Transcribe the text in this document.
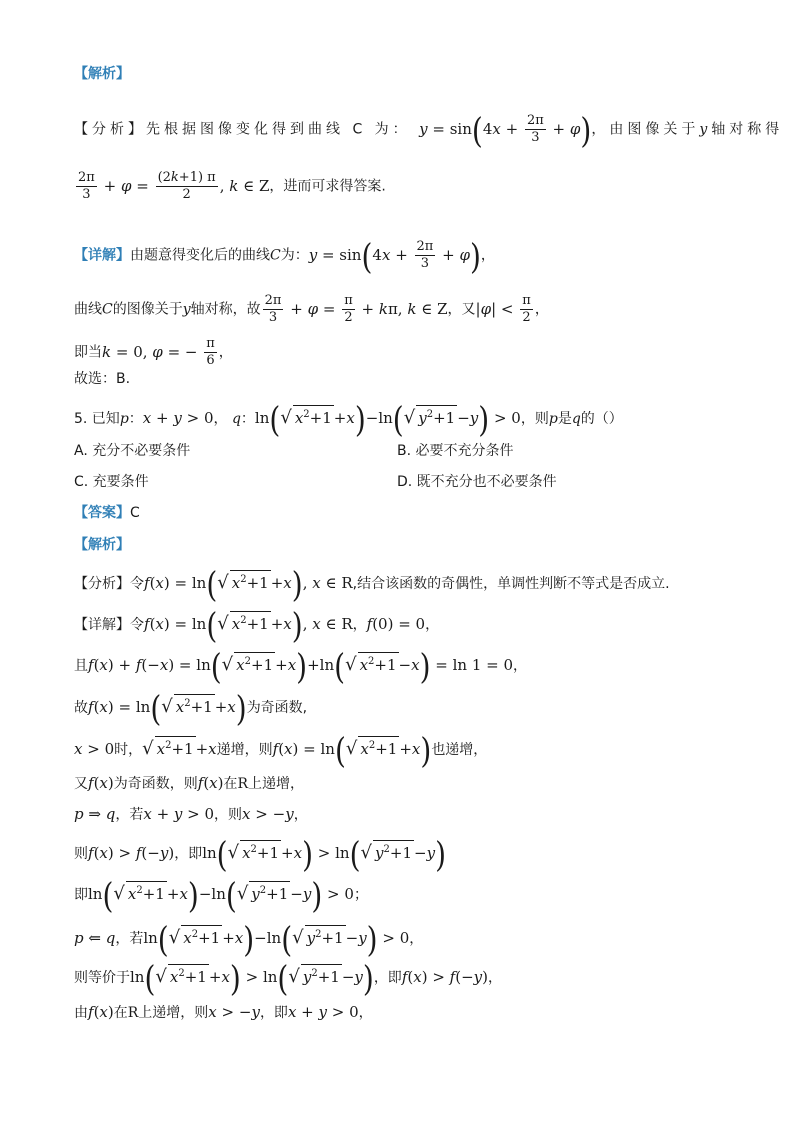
【解析】
【分析】先根据图像变化得到曲线 C 为： $y = \sin(4x + \frac{2\pi}{3} + \varphi)$，由图像关于y轴对称得
$\frac{2\pi}{3} + \varphi = \frac{(2k+1) \pi}{2}$ , k ∈ Z，进而可求得答案.
【详解】由题意得变化后的曲线C为：$y = \sin(4x + \frac{2\pi}{3} + \varphi)$，
曲线C的图像关于y轴对称，故 $\frac{2\pi}{3} + \varphi = \frac{\pi}{2} + k\pi$, k ∈ Z，又$|\varphi| < \frac{\pi}{2}$ ，
即当k = 0, φ = − $\frac{\pi}{6}$ ，
故选：B.
5. 已知p：x + y > 0， q：ln(√ $x^2+1 +x)-\ln(√$ $y^2+1 -y) > 0$，则p是q的（）
A. 充分不必要条件	B. 必要不充分条件
C. 充要条件	D. 既不充分也不必要条件
【答案】C
【解析】
【分析】令f(x) = ln(√ $x^2+1 +x$), x ∈ R,结合该函数的奇偶性，单调性判断不等式是否成立.
【详解】令f(x) = ln(√ $x^2+1 +x$), x ∈ R，f(0) = 0，
且f(x) + f(−x) = ln(√ $x^2+1 +x)+\ln(√$ $x^2+1 -x) = \ln 1 = 0$，
故f(x) = ln(√ $x^2+1 +x$)为奇函数,
x > 0时，√ $x^2+1 +x$递增，则f(x) = ln(√ $x^2+1 +x$)也递增，
又f(x)为奇函数，则f(x)在R上递增，
p ⇒ q，若x + y > 0，则x > −y，
则f(x) > f(−y)，即ln(√ $x^2+1 +x) > \ln(√$ $y^2+1 -y$)
即ln(√ $x^2+1 +x)-\ln(√$ $y^2+1 -y) > 0$；
p ⇐ q，若ln(√ $x^2+1 +x)-\ln(√$ $y^2+1 -y) > 0$，
则等价于ln(√ $x^2+1 +x) > \ln(√$ $y^2+1 -y$)，即f(x) > f(−y)，
由f(x)在R上递增，则x > −y，即x + y > 0，
